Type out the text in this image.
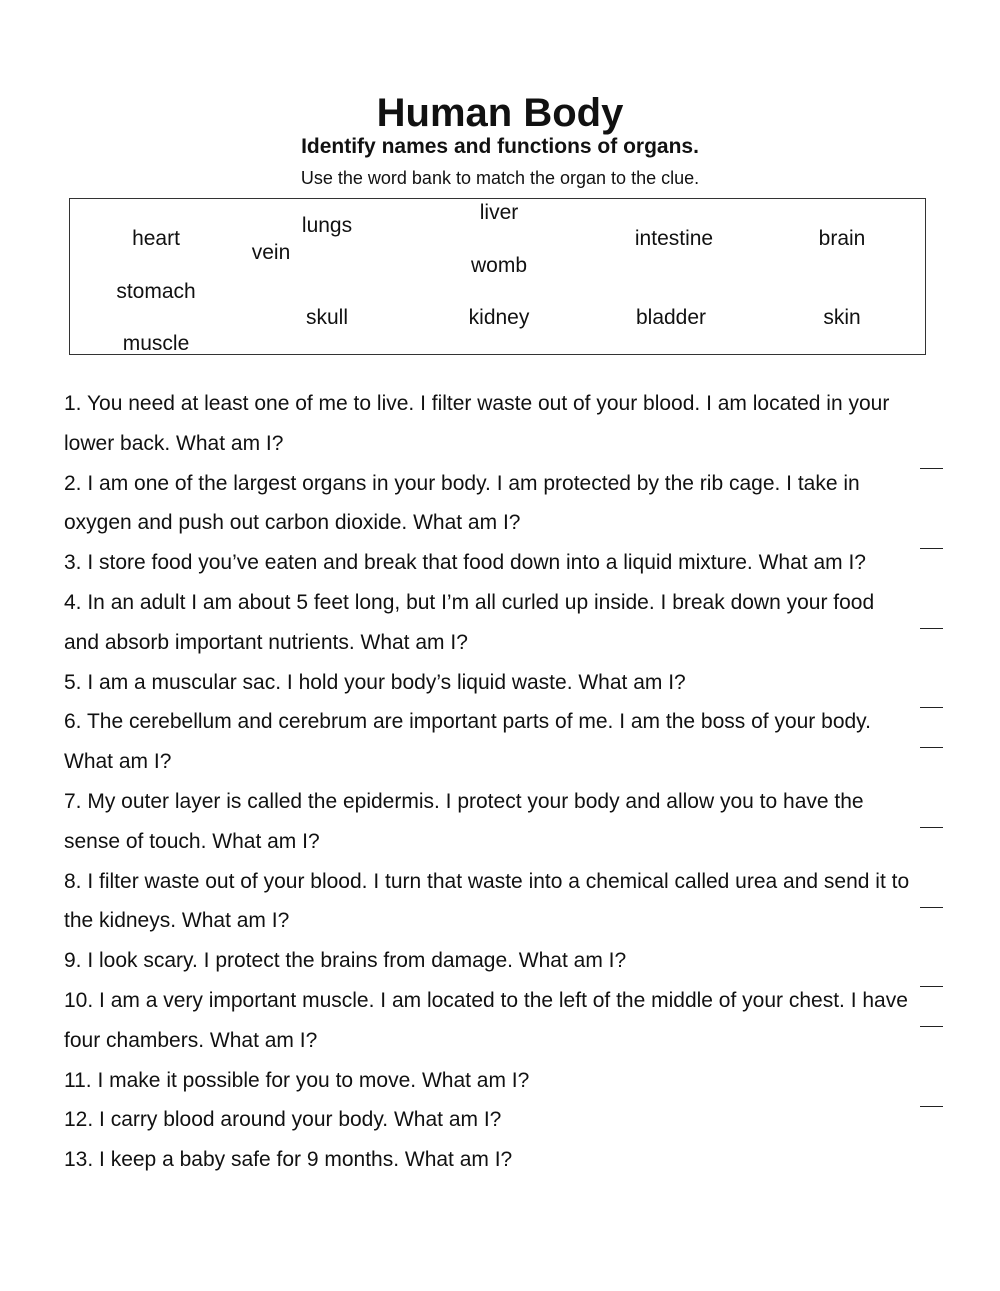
Human Body
Identify names and functions of organs.
Use the word bank to match the organ to the clue.
heart
lungs
vein
liver
womb
intestine	brain
stomach
skull	kidney	bladder	skin
muscle

1. You need at least one of me to live. I filter waste out of your blood. I am located in your lower back. What am I?

2. I am one of the largest organs in your body. I am protected by the rib cage. I take in oxygen and push out carbon dioxide. What am I?

3. I store food you’ve eaten and break that food down into a liquid mixture. What am I?

4. In an adult I am about 5 feet long, but I’m all curled up inside. I break down your food and absorb important nutrients. What am I?

5. I am a muscular sac. I hold your body’s liquid waste. What am I?

6. The cerebellum and cerebrum are important parts of me. I am the boss of your body. What am I?

7. My outer layer is called the epidermis. I protect your body and allow you to have the sense of touch. What am I?

8. I filter waste out of your blood. I turn that waste into a chemical called urea and send it to the kidneys. What am I?

9. I look scary. I protect the brains from damage. What am I?

10. I am a very important muscle. I am located to the left of the middle of your chest. I have four chambers. What am I?

11. I make it possible for you to move. What am I?

12. I carry blood around your body. What am I?

13. I keep a baby safe for 9 months. What am I?
